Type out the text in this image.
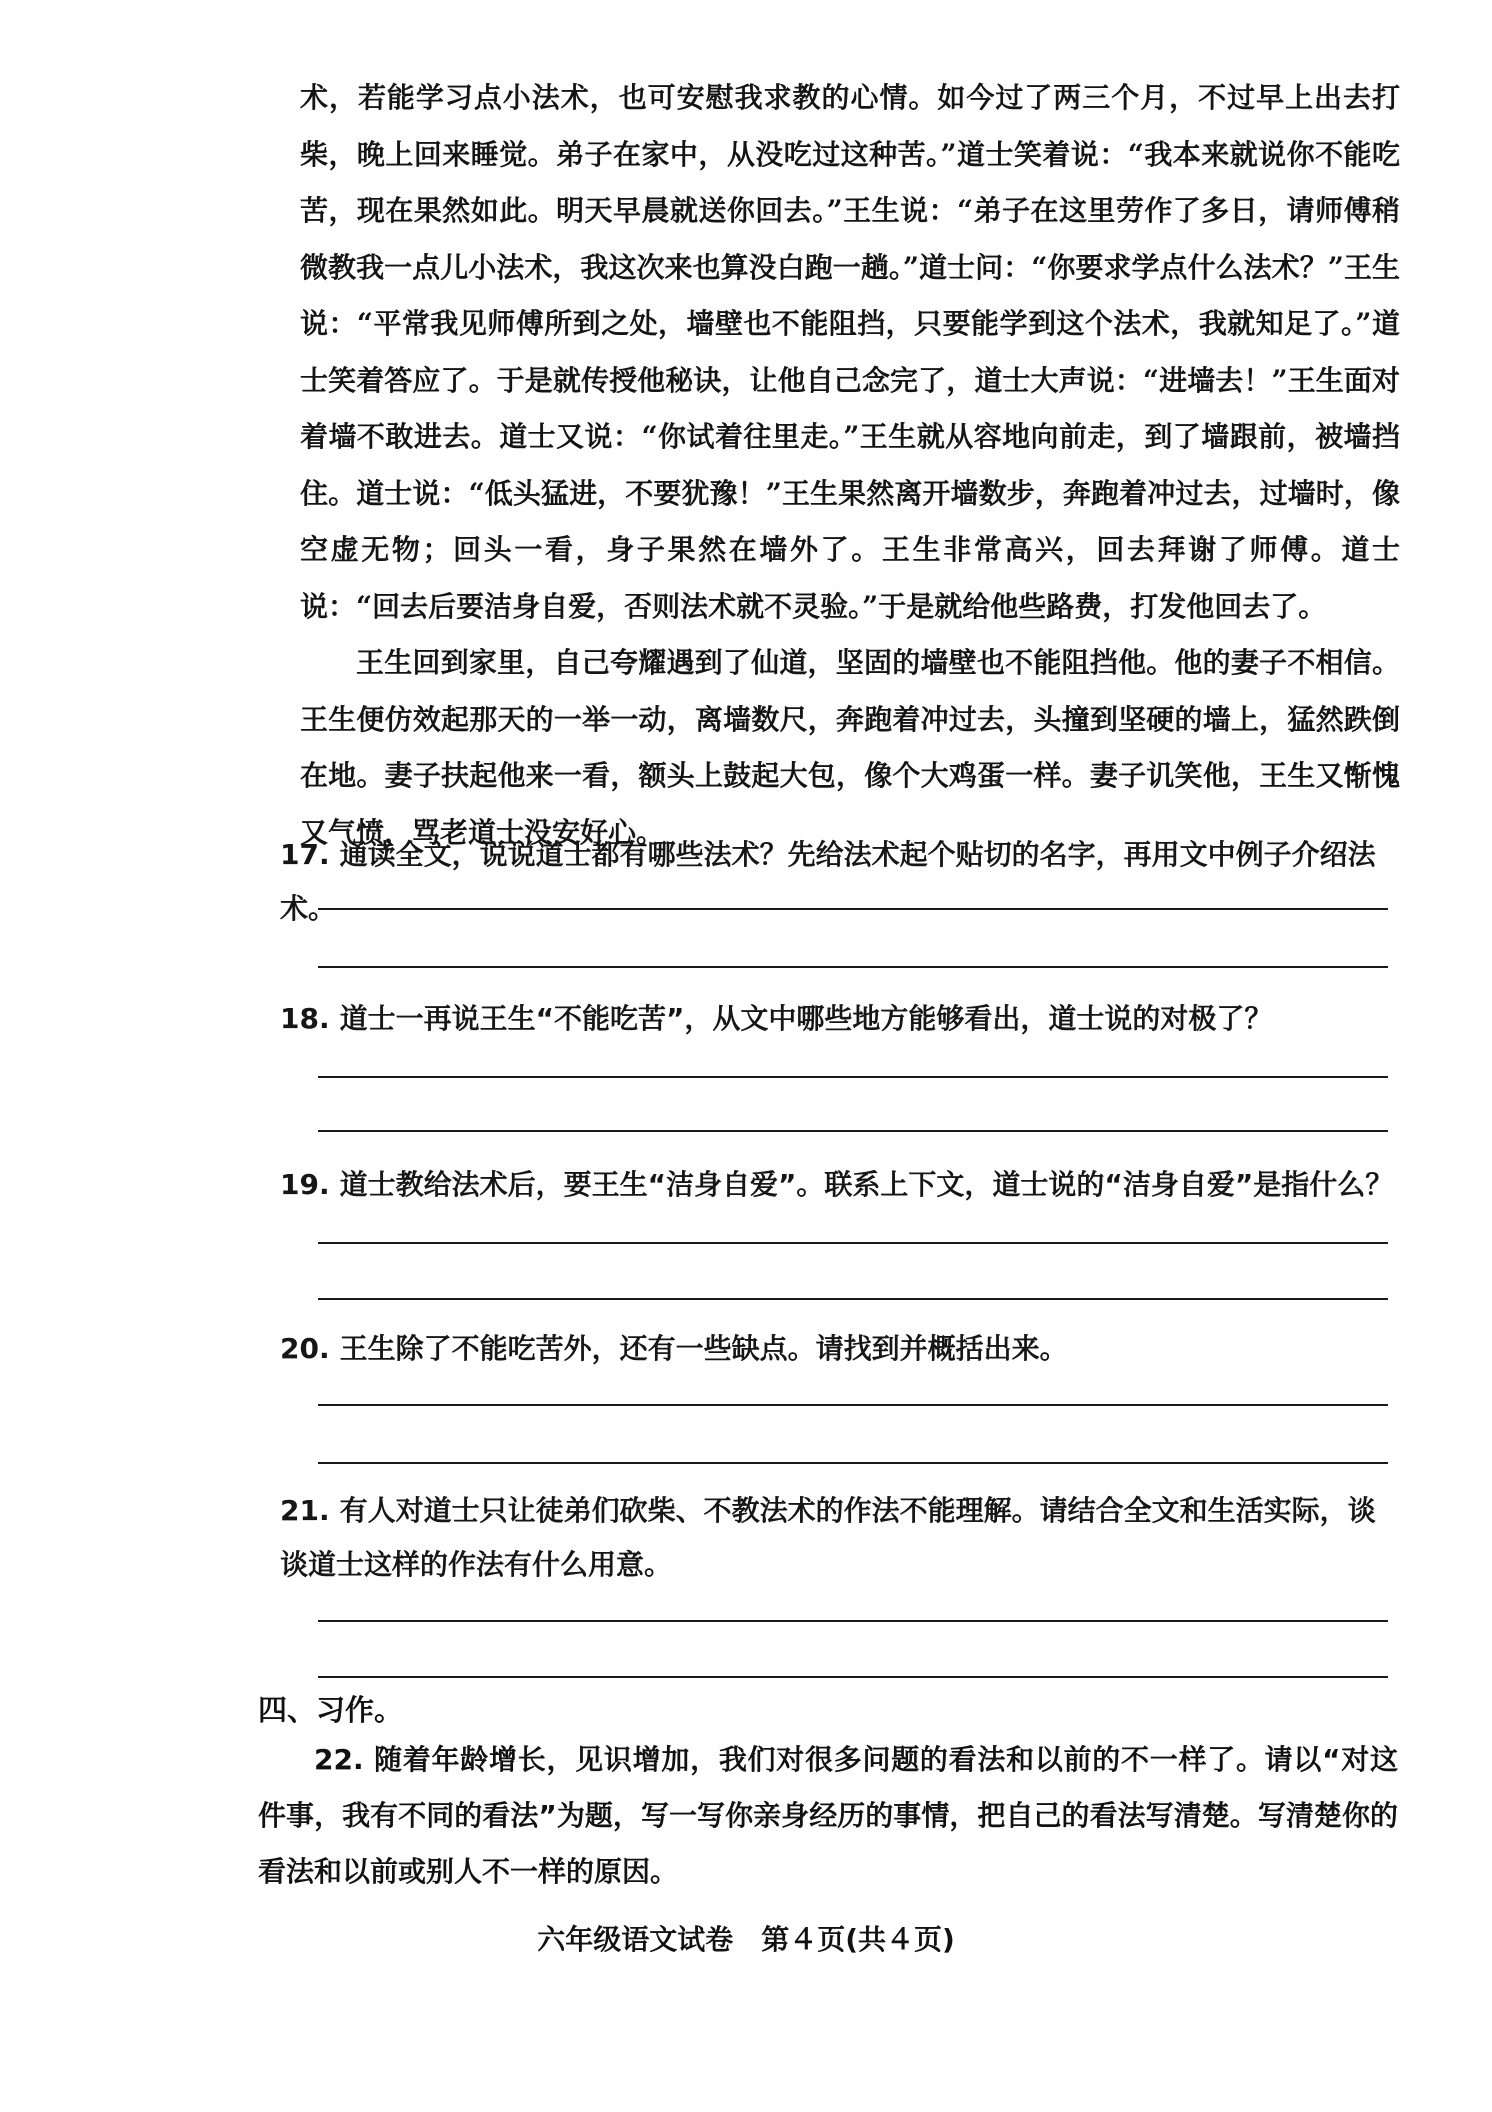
术，若能学习点小法术，也可安慰我求教的心情。如今过了两三个月，不过早上出去打柴，晚上回来睡觉。弟子在家中，从没吃过这种苦。”道士笑着说：“我本来就说你不能吃苦，现在果然如此。明天早晨就送你回去。”王生说：“弟子在这里劳作了多日，请师傅稍微教我一点儿小法术，我这次来也算没白跑一趟。”道士问：“你要求学点什么法术？”王生说：“平常我见师傅所到之处，墙壁也不能阻挡，只要能学到这个法术，我就知足了。”道士笑着答应了。于是就传授他秘诀，让他自己念完了，道士大声说：“进墙去！”王生面对着墙不敢进去。道士又说：“你试着往里走。”王生就从容地向前走，到了墙跟前，被墙挡住。道士说：“低头猛进，不要犹豫！”王生果然离开墙数步，奔跑着冲过去，过墙时，像空虚无物；回头一看，身子果然在墙外了。王生非常高兴，回去拜谢了师傅。道士说：“回去后要洁身自爱，否则法术就不灵验。”于是就给他些路费，打发他回去了。

王生回到家里，自己夸耀遇到了仙道，坚固的墙壁也不能阻挡他。他的妻子不相信。王生便仿效起那天的一举一动，离墙数尺，奔跑着冲过去，头撞到坚硬的墙上，猛然跌倒在地。妻子扶起他来一看，额头上鼓起大包，像个大鸡蛋一样。妻子讥笑他，王生又惭愧又气愤，骂老道士没安好心。

17. 通读全文，说说道士都有哪些法术？先给法术起个贴切的名字，再用文中例子介绍法术。
18. 道士一再说王生“不能吃苦”，从文中哪些地方能够看出，道士说的对极了？
19. 道士教给法术后，要王生“洁身自爱”。联系上下文，道士说的“洁身自爱”是指什么？
20. 王生除了不能吃苦外，还有一些缺点。请找到并概括出来。
21. 有人对道士只让徒弟们砍柴、不教法术的作法不能理解。请结合全文和生活实际，谈谈道士这样的作法有什么用意。
四、习作。
22. 随着年龄增长，见识增加，我们对很多问题的看法和以前的不一样了。请以“对这件事，我有不同的看法”为题，写一写你亲身经历的事情，把自己的看法写清楚。写清楚你的看法和以前或别人不一样的原因。
六年级语文试卷　第４页(共４页)
